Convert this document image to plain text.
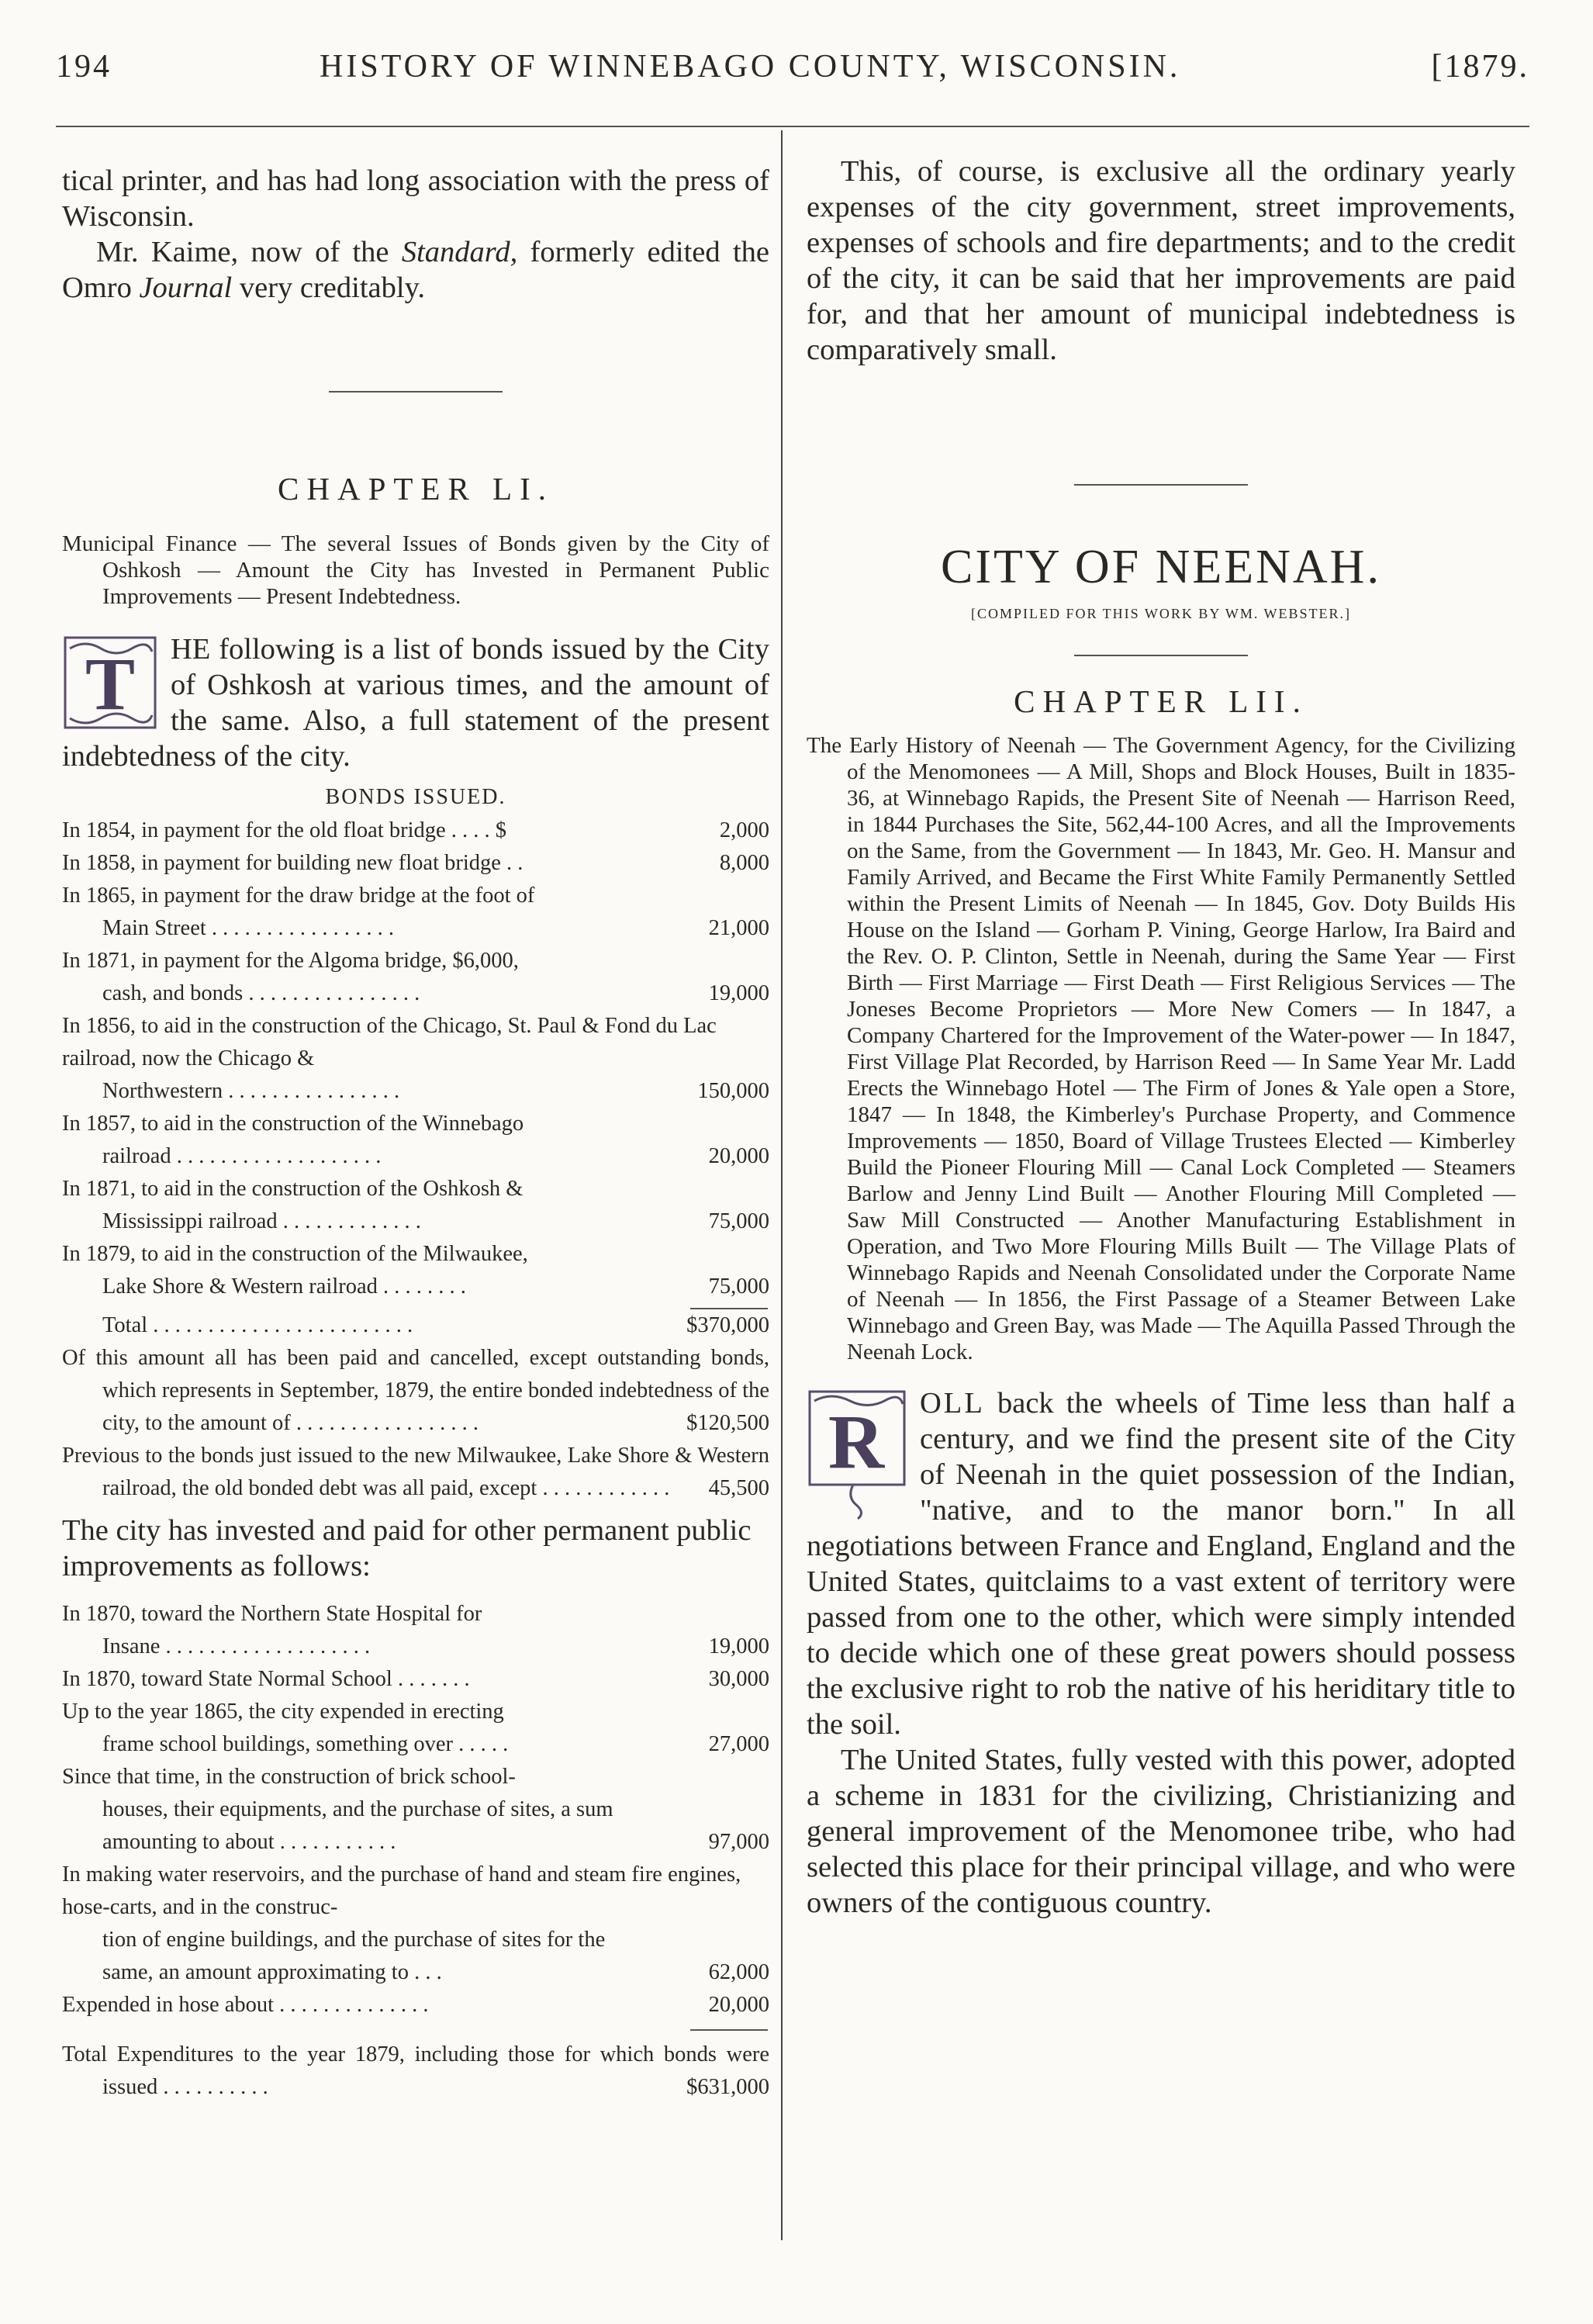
194	HISTORY OF WINNEBAGO COUNTY, WISCONSIN.	[1879.

tical printer, and has had long association with the press of Wisconsin.

Mr. Kaime, now of the Standard, formerly edited the Omro Journal very creditably.

CHAPTER LI.

Municipal Finance — The several Issues of Bonds given by the City of Oshkosh — Amount the City has Invested in Permanent Public Improvements — Present Indebtedness.

T	HE following is a list of bonds issued by the City of Oshkosh at various times, and the amount of the same. Also, a full statement of the present indebtedness of the city.

BONDS ISSUED.

In 1854, in payment for the old float bridge . . . . $	2,000
In 1858, in payment for building new float bridge . .	8,000
In 1865, in payment for the draw bridge at the foot of
Main Street . . . . . . . . . . . . . . . . .	21,000
In 1871, in payment for the Algoma bridge, $6,000,
cash, and bonds . . . . . . . . . . . . . . . .	19,000
In 1856, to aid in the construction of the Chicago, St. Paul & Fond du Lac railroad, now the Chicago &
Northwestern . . . . . . . . . . . . . . . .	150,000
In 1857, to aid in the construction of the Winnebago
railroad . . . . . . . . . . . . . . . . . . .	20,000
In 1871, to aid in the construction of the Oshkosh &
Mississippi railroad . . . . . . . . . . . . .	75,000
In 1879, to aid in the construction of the Milwaukee,
Lake Shore & Western railroad . . . . . . . .	75,000
Total . . . . . . . . . . . . . . . . . . . . . . . .	$370,000
Of this amount all has been paid and cancelled, except outstanding bonds, which represents in September, 1879, the entire bonded indebtedness of the city, to the amount of . . . . . . . . . . . . . . . . .	$120,500
Previous to the bonds just issued to the new Milwaukee, Lake Shore & Western railroad, the old bonded debt was all paid, except . . . . . . . . . . . . 45,500

The city has invested and paid for other permanent public improvements as follows:

In 1870, toward the Northern State Hospital for
Insane . . . . . . . . . . . . . . . . . . .	19,000
In 1870, toward State Normal School . . . . . . .	30,000
Up to the year 1865, the city expended in erecting
frame school buildings, something over . . . . .	27,000
Since that time, in the construction of brick school-
houses, their equipments, and the purchase of sites, a sum amounting to about . . . . . . . . . . .	97,000
In making water reservoirs, and the purchase of hand and steam fire engines, hose-carts, and in the construc-
tion of engine buildings, and the purchase of sites for the same, an amount approximating to . . .	62,000
Expended in hose about . . . . . . . . . . . . . .	20,000
Total Expenditures to the year 1879, including those for which bonds were issued . . . . . . . . . .	$631,000

This, of course, is exclusive all the ordinary yearly expenses of the city government, street improvements, expenses of schools and fire departments; and to the credit of the city, it can be said that her improvements are paid for, and that her amount of municipal indebtedness is comparatively small.

CITY OF NEENAH.

[COMPILED FOR THIS WORK BY WM. WEBSTER.]

CHAPTER LII.

The Early History of Neenah — The Government Agency, for the Civilizing of the Menomonees — A Mill, Shops and Block Houses, Built in 1835-36, at Winnebago Rapids, the Present Site of Neenah — Harrison Reed, in 1844 Purchases the Site, 562,44-100 Acres, and all the Improvements on the Same, from the Government — In 1843, Mr. Geo. H. Mansur and Family Arrived, and Became the First White Family Permanently Settled within the Present Limits of Neenah — In 1845, Gov. Doty Builds His House on the Island — Gorham P. Vining, George Harlow, Ira Baird and the Rev. O. P. Clinton, Settle in Neenah, during the Same Year — First Birth — First Marriage — First Death — First Religious Services — The Joneses Become Proprietors — More New Comers — In 1847, a Company Chartered for the Improvement of the Water-power — In 1847, First Village Plat Recorded, by Harrison Reed — In Same Year Mr. Ladd Erects the Winnebago Hotel — The Firm of Jones & Yale open a Store, 1847 — In 1848, the Kimberley's Purchase Property, and Commence Improvements — 1850, Board of Village Trustees Elected — Kimberley Build the Pioneer Flouring Mill — Canal Lock Completed — Steamers Barlow and Jenny Lind Built — Another Flouring Mill Completed — Saw Mill Constructed — Another Manufacturing Establishment in Operation, and Two More Flouring Mills Built — The Village Plats of Winnebago Rapids and Neenah Consolidated under the Corporate Name of Neenah — In 1856, the First Passage of a Steamer Between Lake Winnebago and Green Bay, was Made — The Aquilla Passed Through the Neenah Lock.

R	OLL back the wheels of Time less than half a century, and we find the present site of the City of Neenah in the quiet possession of the Indian, "native, and to the manor born." In all negotiations between France and England, England and the United States, quitclaims to a vast extent of territory were passed from one to the other, which were simply intended to decide which one of these great powers should possess the exclusive right to rob the native of his heriditary title to the soil.

The United States, fully vested with this power, adopted a scheme in 1831 for the civilizing, Christianizing and general improvement of the Menomonee tribe, who had selected this place for their principal village, and who were owners of the contiguous country.
